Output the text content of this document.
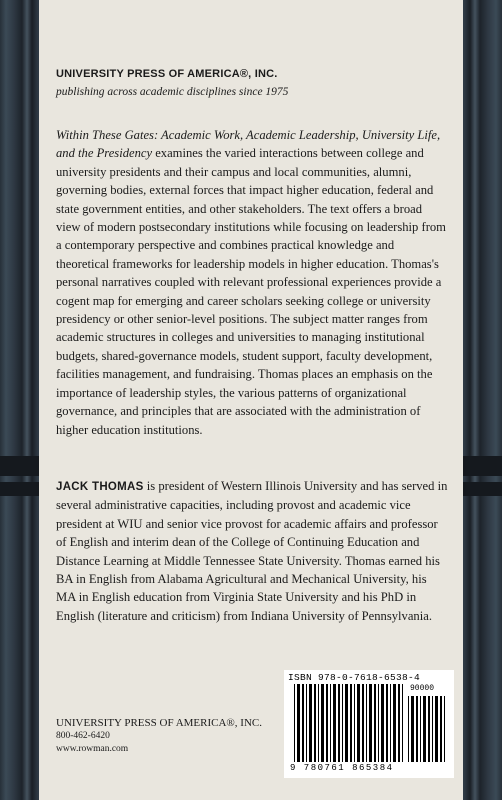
UNIVERSITY PRESS OF AMERICA®, INC.
publishing across academic disciplines since 1975

Within These Gates: Academic Work, Academic Leadership, University Life, and the Presidency examines the varied interactions between college and university presidents and their campus and local communities, alumni, governing bodies, external forces that impact higher education, federal and state government entities, and other stakeholders. The text offers a broad view of modern postsecondary institutions while focusing on leadership from a contemporary perspective and combines practical knowledge and theoretical frameworks for leadership models in higher education. Thomas's personal narratives coupled with relevant professional experiences provide a cogent map for emerging and career scholars seeking college or university presidency or other senior-level positions. The subject matter ranges from academic structures in colleges and universities to managing institutional budgets, shared-governance models, student support, faculty development, facilities management, and fundraising. Thomas places an emphasis on the importance of leadership styles, the various patterns of organizational governance, and principles that are associated with the administration of higher education institutions.

JACK THOMAS is president of Western Illinois University and has served in several administrative capacities, including provost and academic vice president at WIU and senior vice provost for academic affairs and professor of English and interim dean of the College of Continuing Education and Distance Learning at Middle Tennessee State University. Thomas earned his BA in English from Alabama Agricultural and Mechanical University, his MA in English education from Virginia State University and his PhD in English (literature and criticism) from Indiana University of Pennsylvania.

UNIVERSITY PRESS OF AMERICA®, INC.
800-462-6420
www.rowman.com
ISBN 978-0-7618-6538-4
90000
9 780761 865384
